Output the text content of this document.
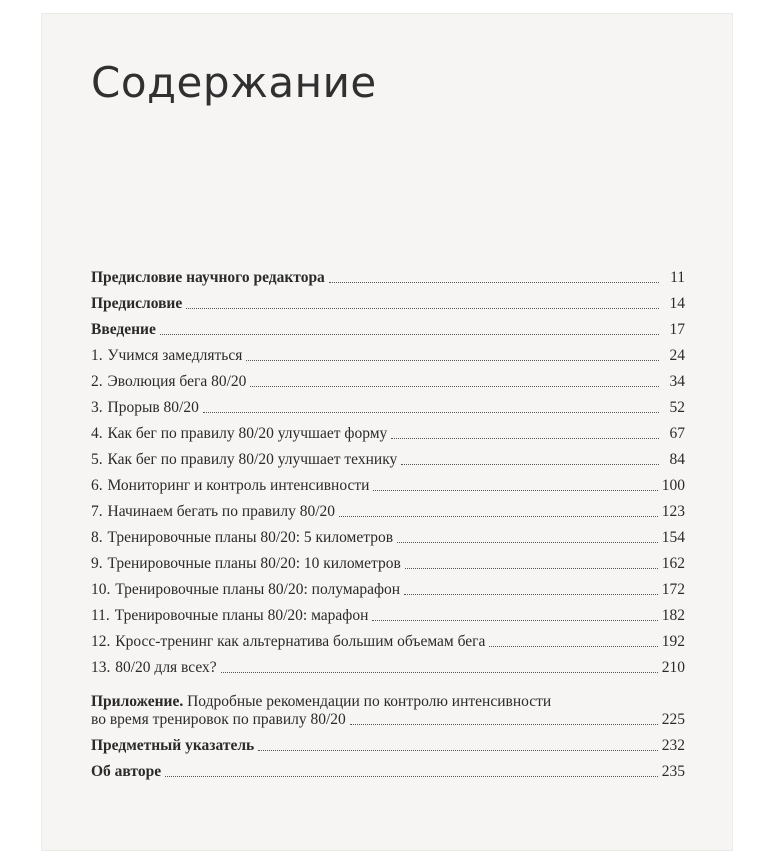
Содержание
Предисловие научного редактора	11
Предисловие	14
Введение	17
1. Учимся замедляться	24
2. Эволюция бега 80/20	34
3. Прорыв 80/20	52
4. Как бег по правилу 80/20 улучшает форму	67
5. Как бег по правилу 80/20 улучшает технику	84
6. Мониторинг и контроль интенсивности	100
7. Начинаем бегать по правилу 80/20	123
8. Тренировочные планы 80/20: 5 километров	154
9. Тренировочные планы 80/20: 10 километров	162
10. Тренировочные планы 80/20: полумарафон	172
11. Тренировочные планы 80/20: марафон	182
12. Кросс-тренинг как альтернатива большим объемам бега	192
13. 80/20 для всех?	210
Приложение. Подробные рекомендации по контролю интенсивности
во время тренировок по правилу 80/20	225
Предметный указатель	232
Об авторе	235
